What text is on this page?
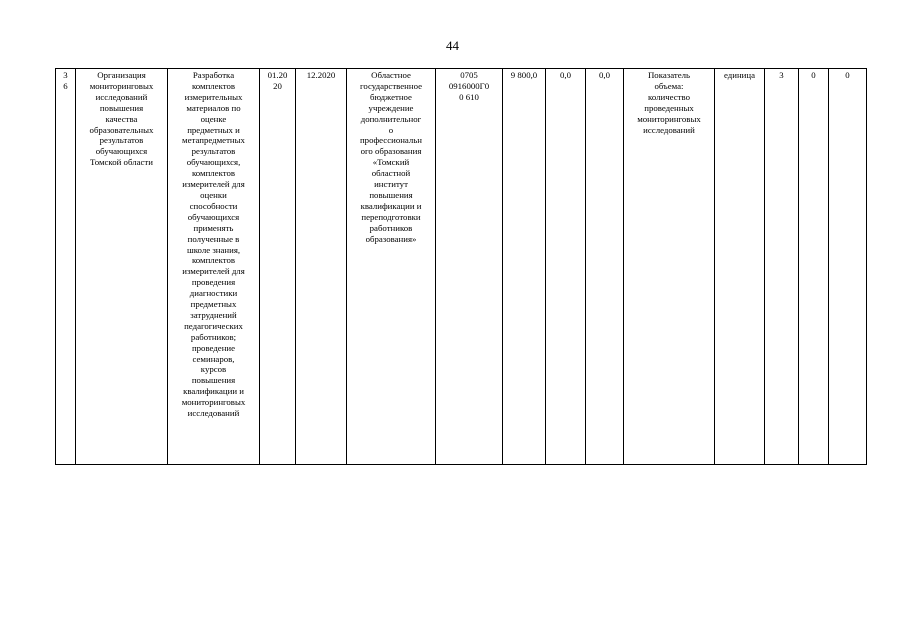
44
3
6	Организация
мониторинговых
исследований
повышения
качества
образовательных
результатов
обучающихся
Томской области	Разработка
комплектов
измерительных
материалов по
оценке
предметных и
метапредметных
результатов
обучающихся,
комплектов
измерителей для
оценки
способности
обучающихся
применять
полученные в
школе знания,
комплектов
измерителей для
проведения
диагностики
предметных
затруднений
педагогических
работников;
проведение
семинаров,
курсов
повышения
квалификации и
мониторинговых
исследований	01.20
20	12.2020	Областное
государственное
бюджетное
учреждение
дополнительног
о
профессиональн
ого образования
«Томский
областной
институт
повышения
квалификации и
переподготовки
работников
образования»	0705
0916000Г0
0 610	9 800,0	0,0	0,0	Показатель
объема:
количество
проведенных
мониторинговых
исследований	единица	3	0	0
